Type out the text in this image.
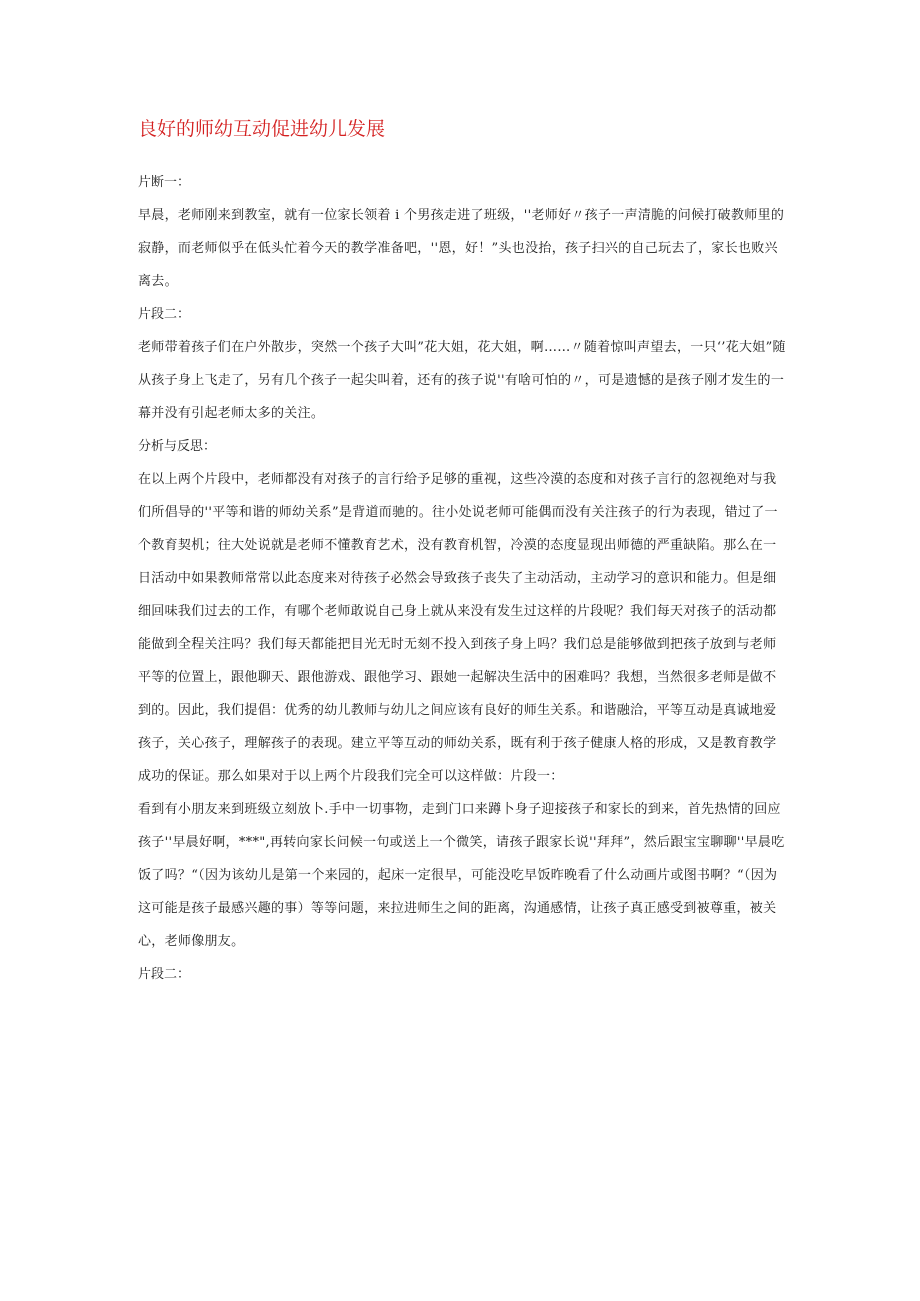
良好的师幼互动促进幼儿发展

片断一：

早晨，老师刚来到教室，就有一位家长领着 i 个男孩走进了班级，''老师好〃孩子一声清脆的问候打破教师里的寂静，而老师似乎在低头忙着今天的教学准备吧，''恩，好！”头也没抬，孩子扫兴的自己玩去了，家长也败兴离去。

片段二：

老师带着孩子们在户外散步，突然一个孩子大叫”花大姐，花大姐，啊……〃随着惊叫声望去，一只‘’花大姐”随从孩子身上飞走了，另有几个孩子一起尖叫着，还有的孩子说''有啥可怕的〃，可是遗憾的是孩子刚才发生的一幕并没有引起老师太多的关注。

分析与反思：

在以上两个片段中，老师都没有对孩子的言行给予足够的重视，这些冷漠的态度和对孩子言行的忽视绝对与我们所倡导的''平等和谐的师幼关系”是背道而驰的。往小处说老师可能偶而没有关注孩子的行为表现，错过了一个教育契机；往大处说就是老师不懂教育艺术，没有教育机智，冷漠的态度显现出师德的严重缺陷。那么在一日活动中如果教师常常以此态度来对待孩子必然会导致孩子丧失了主动活动，主动学习的意识和能力。但是细细回味我们过去的工作，有哪个老师敢说自己身上就从来没有发生过这样的片段呢？我们每天对孩子的活动都能做到全程关注吗？我们每天都能把目光无时无刻不投入到孩子身上吗？我们总是能够做到把孩子放到与老师平等的位置上，跟他聊天、跟他游戏、跟他学习、跟她一起解决生活中的困难吗？我想，当然很多老师是做不到的。因此，我们提倡：优秀的幼儿教师与幼儿之间应该有良好的师生关系。和谐融洽，平等互动是真诚地爱孩子，关心孩子，理解孩子的表现。建立平等互动的师幼关系，既有利于孩子健康人格的形成，又是教育教学成功的保证。那么如果对于以上两个片段我们完全可以这样做：片段一：

看到有小朋友来到班级立刻放卜.手中一切事物，走到门口来蹲卜身子迎接孩子和家长的到来，首先热情的回应孩子''早晨好啊，***",再转向家长问候一句或送上一个微笑，请孩子跟家长说''拜拜”，然后跟宝宝聊聊''早晨吃饭了吗？“（因为该幼儿是第一个来园的，起床一定很早，可能没吃早饭昨晚看了什么动画片或图书啊？“（因为这可能是孩子最感兴趣的事）等等问题，来拉进师生之间的距离，沟通感情，让孩子真正感受到被尊重，被关心，老师像朋友。

片段二：
